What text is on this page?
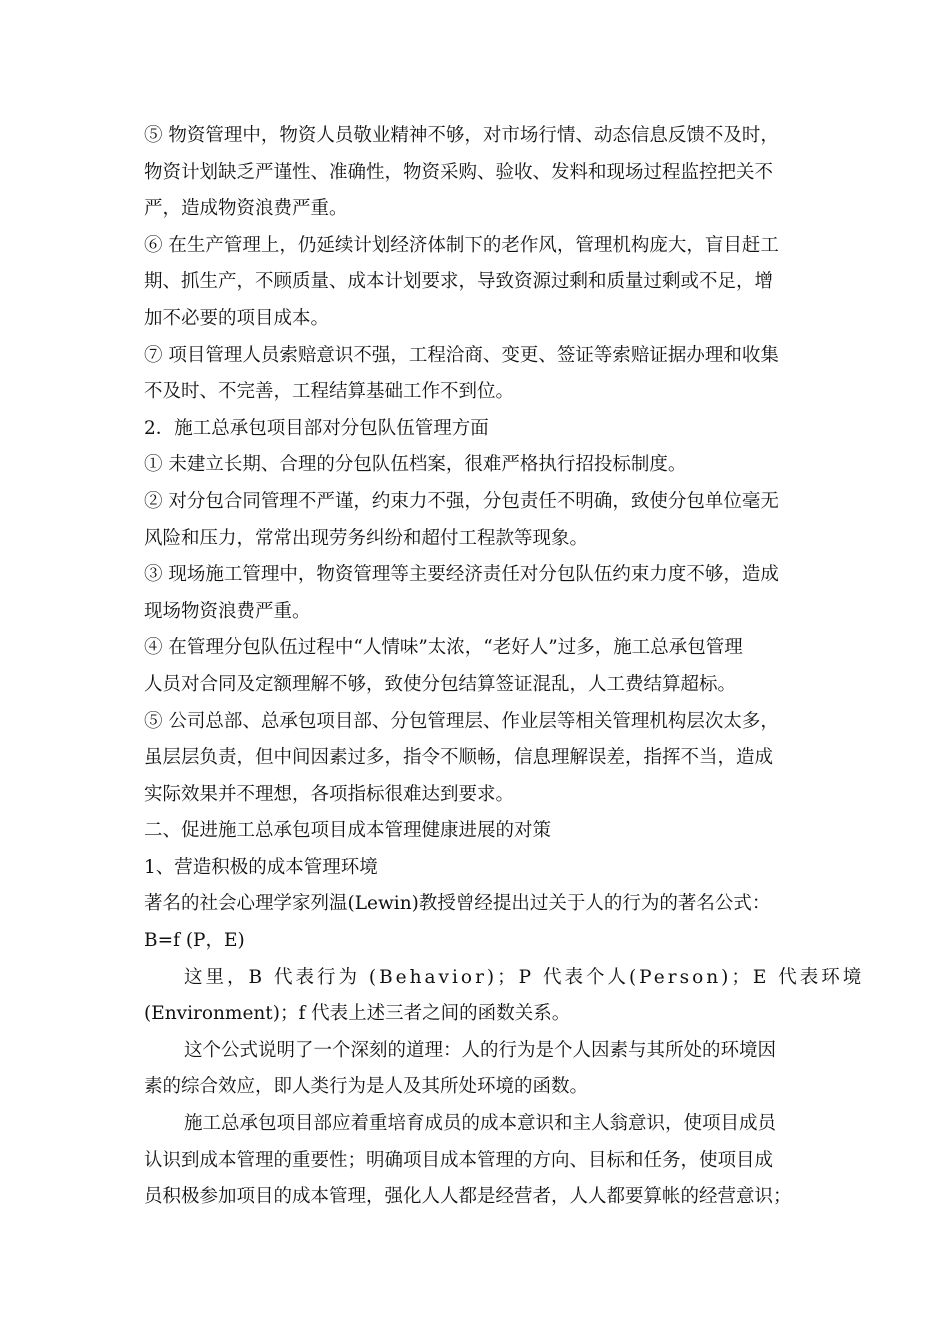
⑤ 物资管理中，物资人员敬业精神不够，对市场行情、动态信息反馈不及时，
物资计划缺乏严谨性、准确性，物资采购、验收、发料和现场过程监控把关不
严，造成物资浪费严重。
⑥ 在生产管理上，仍延续计划经济体制下的老作风，管理机构庞大，盲目赶工
期、抓生产，不顾质量、成本计划要求，导致资源过剩和质量过剩或不足，增
加不必要的项目成本。
⑦ 项目管理人员索赔意识不强，工程洽商、变更、签证等索赔证据办理和收集
不及时、不完善，工程结算基础工作不到位。
2．施工总承包项目部对分包队伍管理方面
① 未建立长期、合理的分包队伍档案，很难严格执行招投标制度。
② 对分包合同管理不严谨，约束力不强，分包责任不明确，致使分包单位毫无
风险和压力，常常出现劳务纠纷和超付工程款等现象。
③ 现场施工管理中，物资管理等主要经济责任对分包队伍约束力度不够，造成
现场物资浪费严重。
④ 在管理分包队伍过程中“人情味”太浓，“老好人”过多，施工总承包管理
人员对合同及定额理解不够，致使分包结算签证混乱，人工费结算超标。
⑤ 公司总部、总承包项目部、分包管理层、作业层等相关管理机构层次太多，
虽层层负责，但中间因素过多，指令不顺畅，信息理解误差，指挥不当，造成
实际效果并不理想，各项指标很难达到要求。
二、促进施工总承包项目成本管理健康进展的对策
1、营造积极的成本管理环境
著名的社会心理学家列温(Lewin)教授曾经提出过关于人的行为的著名公式：
B=f (P，E)
这里，B 代表行为 (Behavior)；P 代表个人(Person)；E 代表环境
(Environment)；f 代表上述三者之间的函数关系。
这个公式说明了一个深刻的道理：人的行为是个人因素与其所处的环境因
素的综合效应，即人类行为是人及其所处环境的函数。
施工总承包项目部应着重培育成员的成本意识和主人翁意识，使项目成员
认识到成本管理的重要性；明确项目成本管理的方向、目标和任务，使项目成
员积极参加项目的成本管理，强化人人都是经营者，人人都要算帐的经营意识；
